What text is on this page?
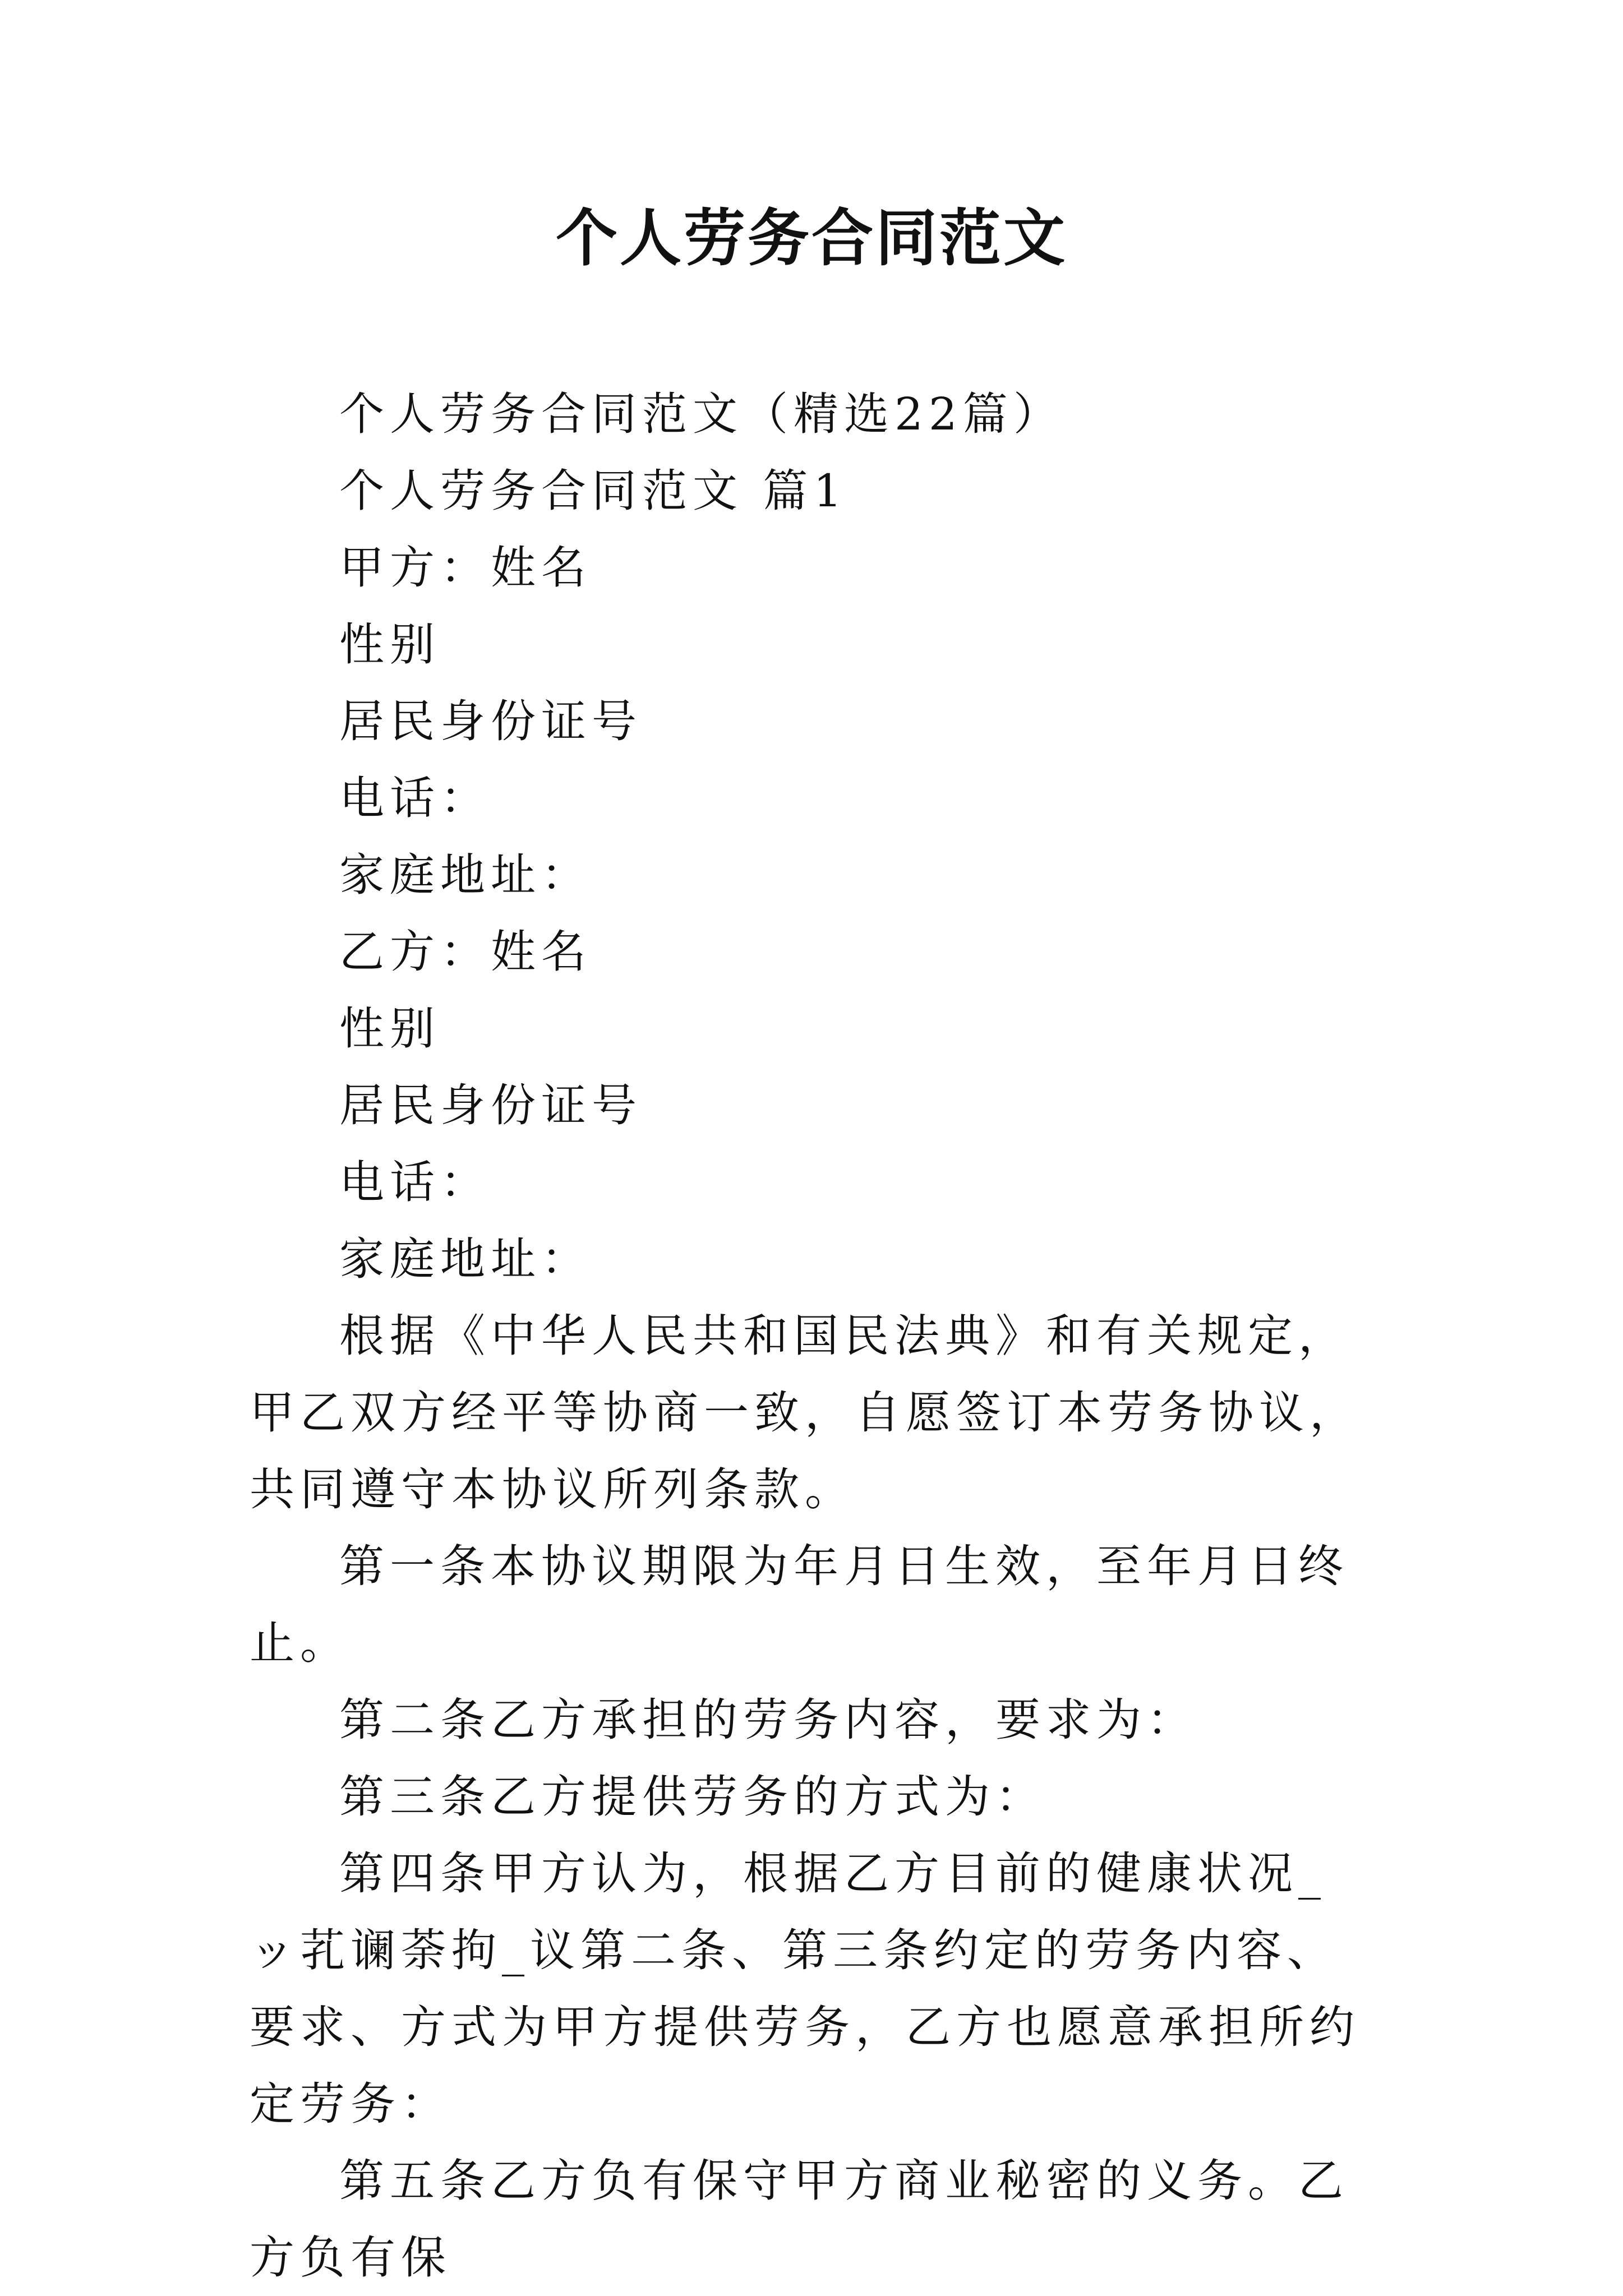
个人劳务合同范文

个人劳务合同范文（精选22篇）

个人劳务合同范文 篇1

甲方：姓名

性别

居民身份证号

电话：

家庭地址：

乙方：姓名

性别

居民身份证号

电话：

家庭地址：

根据《中华人民共和国民法典》和有关规定，甲乙双方经平等协商一致，自愿签订本劳务协议，共同遵守本协议所列条款。

第一条本协议期限为年月日生效，至年月日终止。

第二条乙方承担的劳务内容，要求为：

第三条乙方提供劳务的方式为：

第四条甲方认为，根据乙方目前的健康状况_ッ芤谰荼拘_议第二条、第三条约定的劳务内容、要求、方式为甲方提供劳务，乙方也愿意承担所约定劳务：

第五条乙方负有保守甲方商业秘密的义务。乙方负有保
